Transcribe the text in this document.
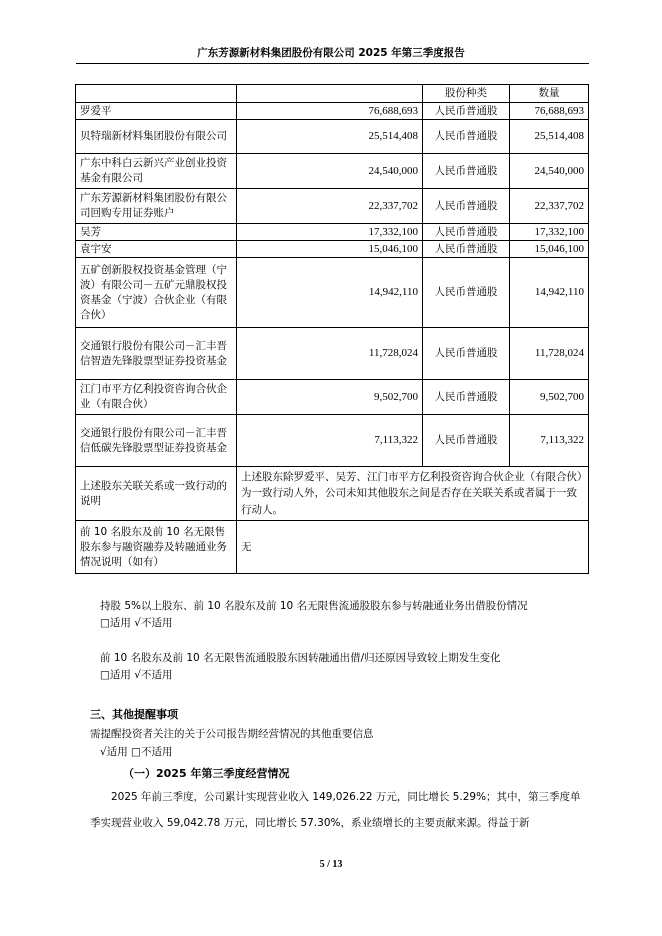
广东芳源新材料集团股份有限公司 2025 年第三季度报告
		股份种类	数量
罗爱平	76,688,693	人民币普通股	76,688,693
贝特瑞新材料集团股份有限公司	25,514,408	人民币普通股	25,514,408
广东中科白云新兴产业创业投资基金有限公司	24,540,000	人民币普通股	24,540,000
广东芳源新材料集团股份有限公司回购专用证券账户	22,337,702	人民币普通股	22,337,702
吴芳	17,332,100	人民币普通股	17,332,100
袁宇安	15,046,100	人民币普通股	15,046,100
五矿创新股权投资基金管理（宁波）有限公司－五矿元鼎股权投资基金（宁波）合伙企业（有限合伙）	14,942,110	人民币普通股	14,942,110
交通银行股份有限公司－汇丰晋信智造先锋股票型证券投资基金	11,728,024	人民币普通股	11,728,024
江门市平方亿利投资咨询合伙企业（有限合伙）	9,502,700	人民币普通股	9,502,700
交通银行股份有限公司－汇丰晋信低碳先锋股票型证券投资基金	7,113,322	人民币普通股	7,113,322
上述股东关联关系或一致行动的说明	上述股东除罗爱平、吴芳、江门市平方亿利投资咨询合伙企业（有限合伙）为一致行动人外，公司未知其他股东之间是否存在关联关系或者属于一致行动人。		
前 10 名股东及前 10 名无限售股东参与融资融券及转融通业务情况说明（如有）	无		
持股 5%以上股东、前 10 名股东及前 10 名无限售流通股股东参与转融通业务出借股份情况
□适用 √不适用
前 10 名股东及前 10 名无限售流通股股东因转融通出借/归还原因导致较上期发生变化
□适用 √不适用
三、其他提醒事项
需提醒投资者关注的关于公司报告期经营情况的其他重要信息
√适用 □不适用
（一）2025 年第三季度经营情况
2025 年前三季度，公司累计实现营业收入 149,026.22 万元，同比增长 5.29%；其中，第三季度单季实现营业收入 59,042.78 万元，同比增长 57.30%，系业绩增长的主要贡献来源。得益于新
5 / 13
